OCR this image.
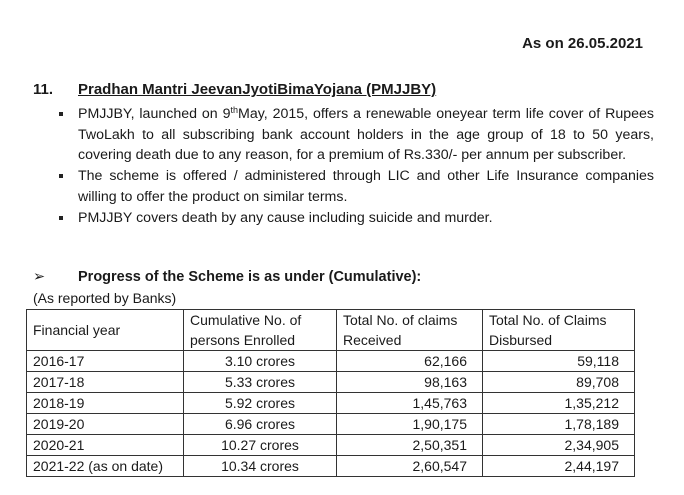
As on 26.05.2021
11.	Pradhan Mantri JeevanJyotiBimaYojana (PMJJBY)
PMJJBY, launched on 9thMay, 2015, offers a renewable oneyear term life cover of Rupees TwoLakh to all subscribing bank account holders in the age group of 18 to 50 years, covering death due to any reason, for a premium of Rs.330/- per annum per subscriber.
The scheme is offered / administered through LIC and other Life Insurance companies willing to offer the product on similar terms.
PMJJBY covers death by any cause including suicide and murder.
➢	Progress of the Scheme is as under (Cumulative):
(As reported by Banks)
Financial year	Cumulative No. of persons Enrolled	Total No. of claims Received	Total No. of Claims Disbursed
2016-17	3.10 crores	62,166	59,118
2017-18	5.33 crores	98,163	89,708
2018-19	5.92 crores	1,45,763	1,35,212
2019-20	6.96 crores	1,90,175	1,78,189
2020-21	10.27 crores	2,50,351	2,34,905
2021-22 (as on date)	10.34 crores	2,60,547	2,44,197
